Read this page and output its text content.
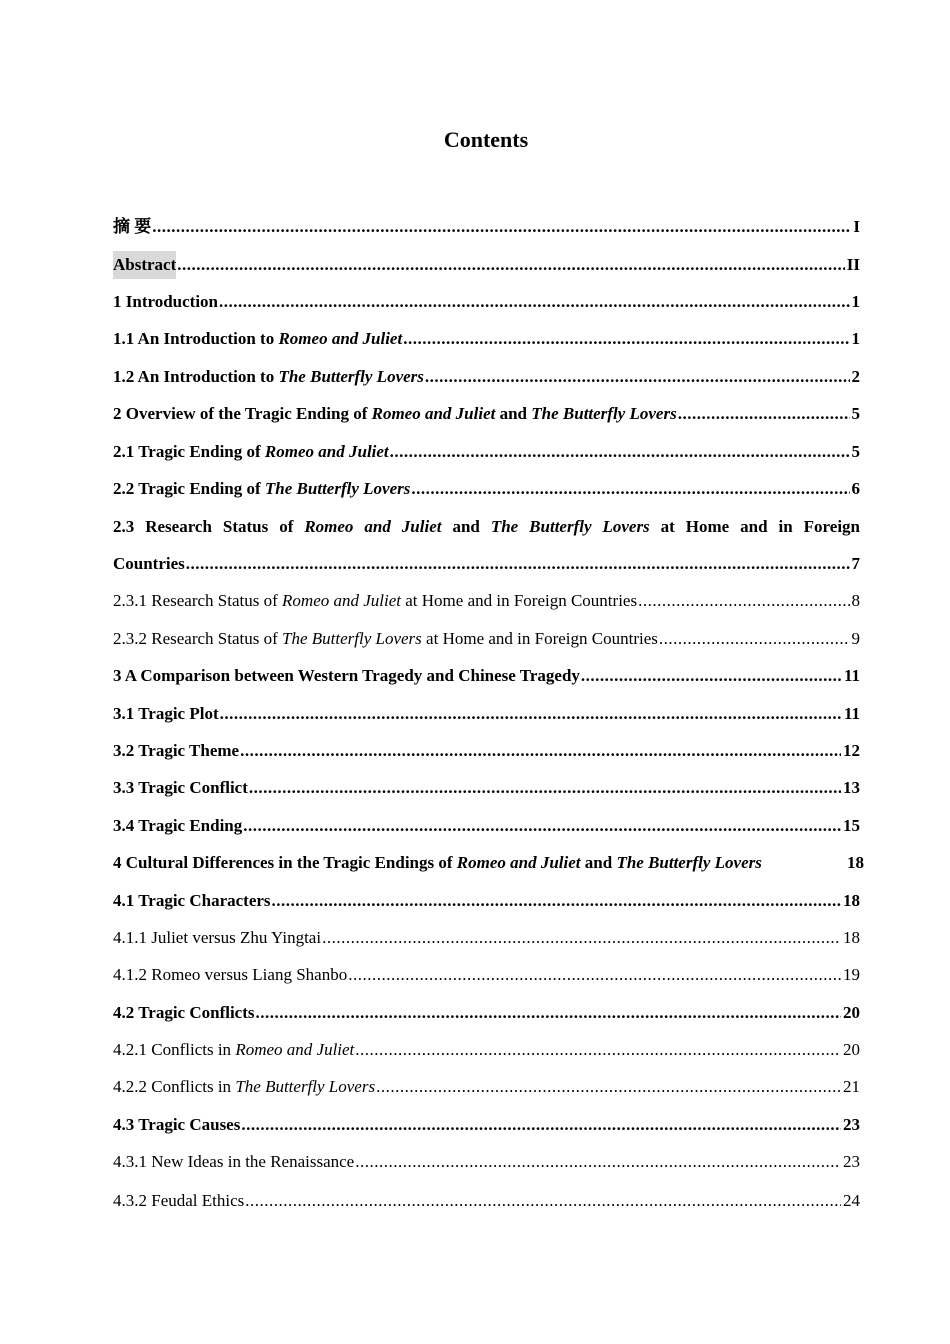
Contents
摘 要 .....	I
Abstract .....	II
1 Introduction .....	1
1.1 An Introduction to Romeo and Juliet .....	1
1.2 An Introduction to The Butterfly Lovers .....	2
2 Overview of the Tragic Ending of Romeo and Juliet and The Butterfly Lovers .....	5
2.1 Tragic Ending of Romeo and Juliet .....	5
2.2 Tragic Ending of The Butterfly Lovers .....	6
2.3 Research Status of Romeo and Juliet and The Butterfly Lovers at Home and in Foreign
Countries .....	7
2.3.1 Research Status of Romeo and Juliet at Home and in Foreign Countries .....	8
2.3.2 Research Status of The Butterfly Lovers at Home and in Foreign Countries .....	9
3 A Comparison between Western Tragedy and Chinese Tragedy .....	11
3.1 Tragic Plot .....	11
3.2 Tragic Theme .....	12
3.3 Tragic Conflict .....	13
3.4 Tragic Ending .....	15
4 Cultural Differences in the Tragic Endings of Romeo and Juliet and The Butterfly Lovers	18
4.1 Tragic Characters .....	18
4.1.1 Juliet versus Zhu Yingtai .....	18
4.1.2 Romeo versus Liang Shanbo .....	19
4.2 Tragic Conflicts .....	20
4.2.1 Conflicts in Romeo and Juliet .....	20
4.2.2 Conflicts in The Butterfly Lovers .....	21
4.3 Tragic Causes .....	23
4.3.1 New Ideas in the Renaissance .....	23
4.3.2 Feudal Ethics .....	24
